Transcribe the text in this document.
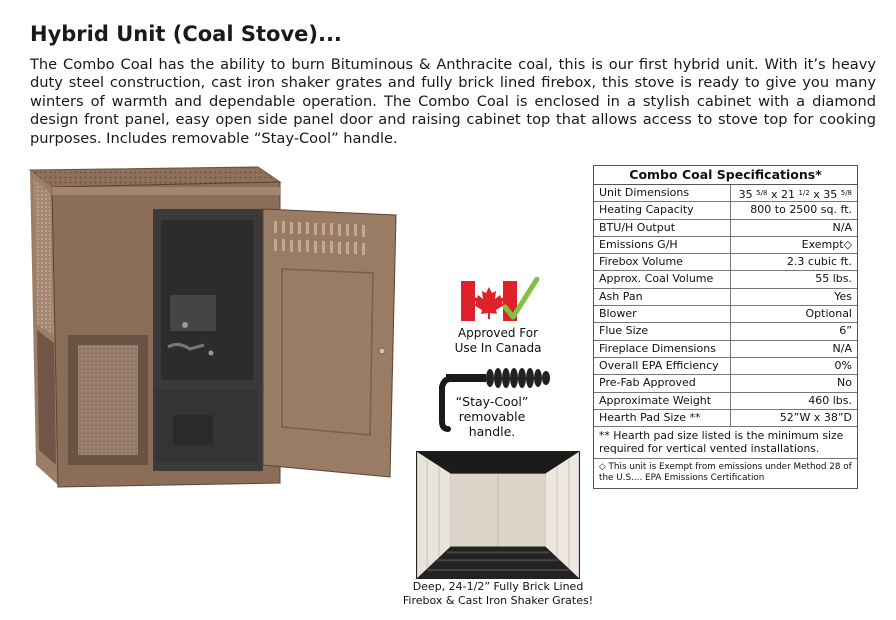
Hybrid Unit (Coal Stove)...
The Combo Coal has the ability to burn Bituminous & Anthracite coal, this is our first hybrid unit. With it’s heavy duty steel construction, cast iron shaker grates and fully brick lined firebox, this stove is ready to give you many winters of warmth and dependable operation. The Combo Coal is enclosed in a stylish cabinet with a diamond design front panel, easy open side panel door and raising cabinet top that allows access to stove top for cooking purposes. Includes removable “Stay-Cool” handle.
Approved For
Use In Canada
“Stay-Cool”
removable
handle.
Deep, 24-1/2” Fully Brick Lined
Firebox & Cast Iron Shaker Grates!
Combo Coal Specifications*
Unit Dimensions	35 $^{5/8}$ x 21 $^{1/2}$ x 35 $^{5/8}$
Heating Capacity	800 to 2500 sq. ft.
BTU/H Output	N/A
Emissions G/H	Exempt◇
Firebox Volume	2.3 cubic ft.
Approx. Coal Volume	55 lbs.
Ash Pan	Yes
Blower	Optional
Flue Size	6”
Fireplace Dimensions	N/A
Overall EPA Efficiency	0%
Pre-Fab Approved	No
Approximate Weight	460 lbs.
Hearth Pad Size **	52”W x 38”D
** Hearth pad size listed is the minimum size required for vertical vented installations.
◇ This unit is Exempt from emissions under Method 28 of the U.S.... EPA Emissions Certification
